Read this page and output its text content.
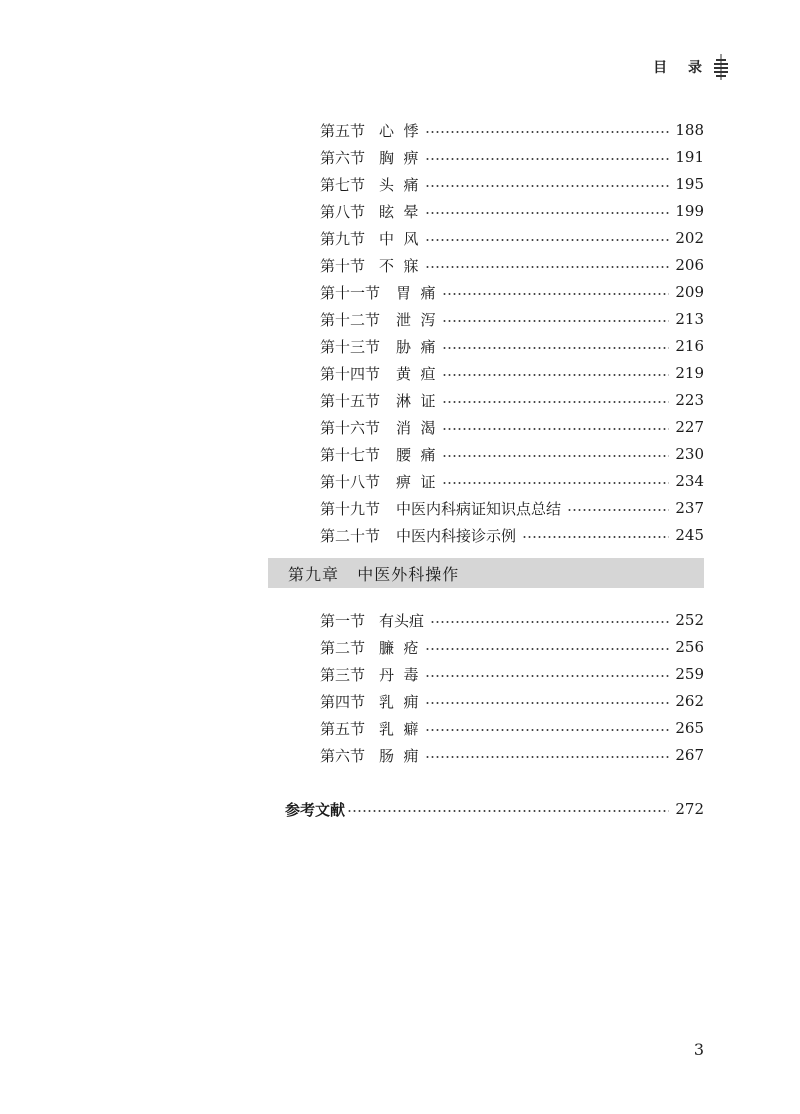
目 录
第五节 心  悸	188
第六节 胸  痹	191
第七节 头  痛	195
第八节 眩  晕	199
第九节 中  风	202
第十节 不  寐	206
第十一节 胃  痛	209
第十二节 泄  泻	213
第十三节 胁  痛	216
第十四节 黄  疸	219
第十五节 淋  证	223
第十六节 消  渴	227
第十七节 腰  痛	230
第十八节 痹  证	234
第十九节 中医内科病证知识点总结	237
第二十节 中医内科接诊示例	245
第九章   中医外科操作
第一节 有头疽	252
第二节 臁  疮	256
第三节 丹  毒	259
第四节 乳  痈	262
第五节 乳  癖	265
第六节 肠  痈	267
参考文献	272
3
